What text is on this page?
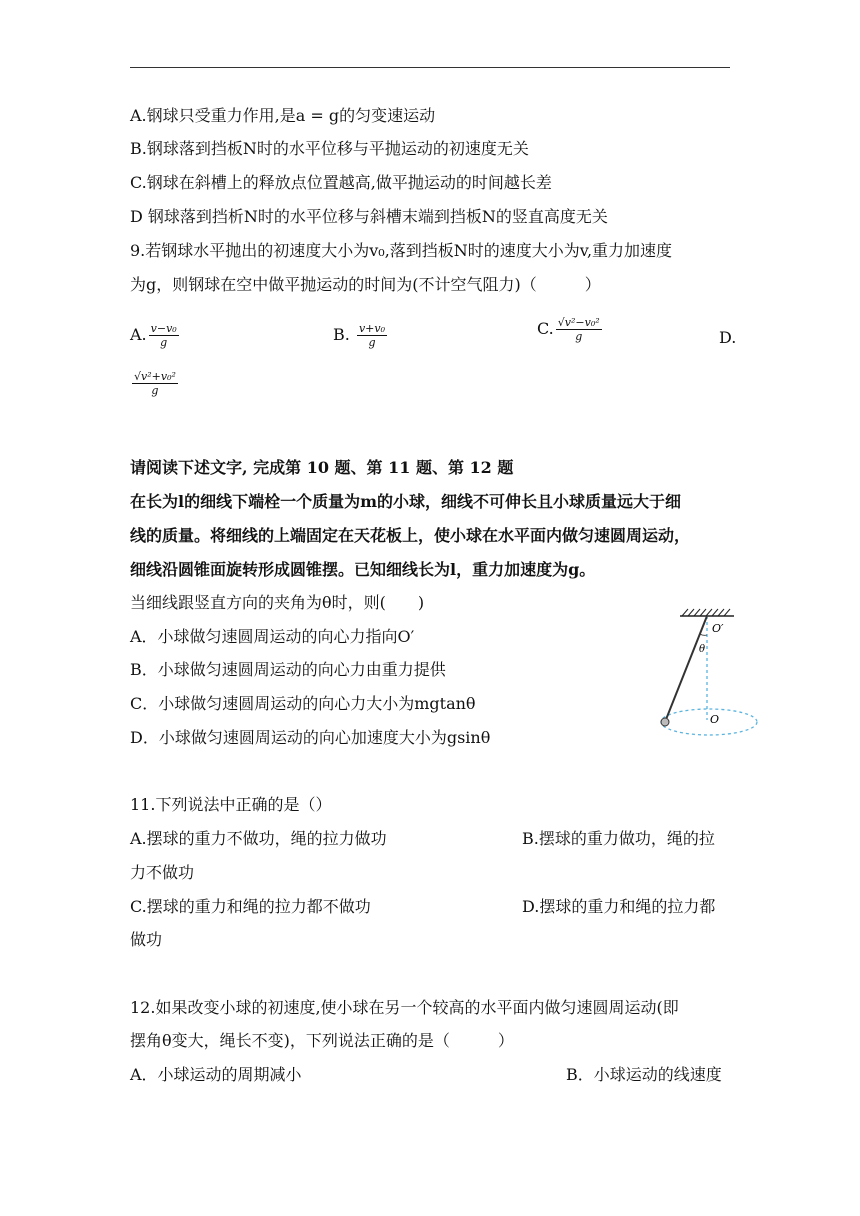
A.钢球只受重力作用,是a = g的匀变速运动
B.钢球落到挡板N时的水平位移与平抛运动的初速度无关
C.钢球在斜槽上的释放点位置越高,做平抛运动的时间越长差
D 钢球落到挡析N时的水平位移与斜槽末端到挡板N的竖直高度无关
9.若钢球水平抛出的初速度大小为v₀,落到挡板N时的速度大小为v,重力加速度
为g，则钢球在空中做平抛运动的时间为(不计空气阻力)（　　　）
A. $\frac{\text{v−v₀}}{g}$	B. $\frac{\text{v+v₀}}{g}$	C. $\frac{\text{√v²−v₀²}}{g}$	D.
$\frac{\text{√v²+v₀²}}{g}$
请阅读下述文字, 完成第 10 题、第 11 题、第 12 题
在长为l的细线下端栓一个质量为m的小球，细线不可伸长且小球质量远大于细
线的质量。将细线的上端固定在天花板上，使小球在水平面内做匀速圆周运动，
细线沿圆锥面旋转形成圆锥摆。已知细线长为l，重力加速度为g。
当细线跟竖直方向的夹角为θ时，则(　　)
A．小球做匀速圆周运动的向心力指向O′
B．小球做匀速圆周运动的向心力由重力提供
C．小球做匀速圆周运动的向心力大小为mgtanθ
D．小球做匀速圆周运动的向心加速度大小为gsinθ
O′
θ
O
11.下列说法中正确的是（）
A.摆球的重力不做功，绳的拉力做功	B.摆球的重力做功，绳的拉
力不做功
C.摆球的重力和绳的拉力都不做功	D.摆球的重力和绳的拉力都
做功
12.如果改变小球的初速度,使小球在另一个较高的水平面内做匀速圆周运动(即
摆角θ变大，绳长不变)，下列说法正确的是（　　　）
A．小球运动的周期减小	B．小球运动的线速度
